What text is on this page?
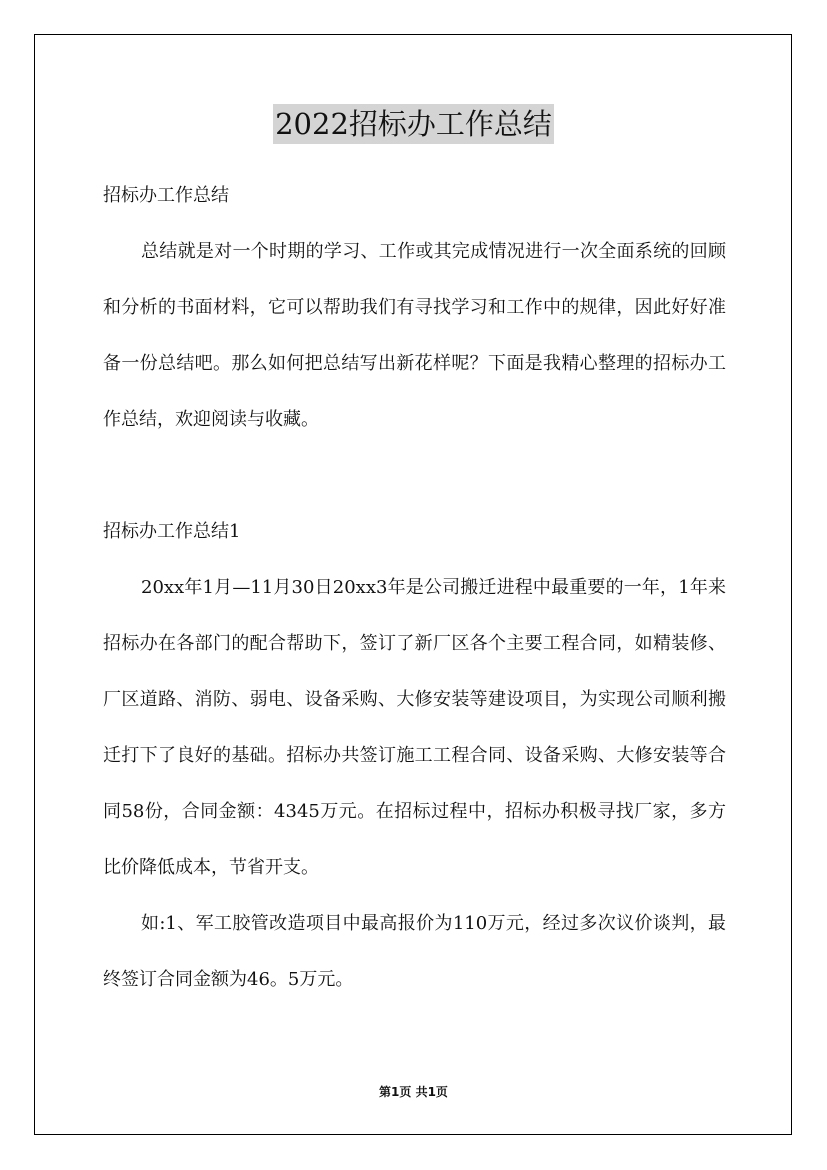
2022招标办工作总结

招标办工作总结

总结就是对一个时期的学习、工作或其完成情况进行一次全面系统的回顾和分析的书面材料，它可以帮助我们有寻找学习和工作中的规律，因此好好准备一份总结吧。那么如何把总结写出新花样呢？下面是我精心整理的招标办工作总结，欢迎阅读与收藏。

招标办工作总结1

20xx年1月—11月30日20xx3年是公司搬迁进程中最重要的一年，1年来招标办在各部门的配合帮助下，签订了新厂区各个主要工程合同，如精装修、厂区道路、消防、弱电、设备采购、大修安装等建设项目，为实现公司顺利搬迁打下了良好的基础。招标办共签订施工工程合同、设备采购、大修安装等合同58份，合同金额：4345万元。在招标过程中，招标办积极寻找厂家，多方比价降低成本，节省开支。

如:1、军工胶管改造项目中最高报价为110万元，经过多次议价谈判，最终签订合同金额为46。5万元。

第1页 共1页
